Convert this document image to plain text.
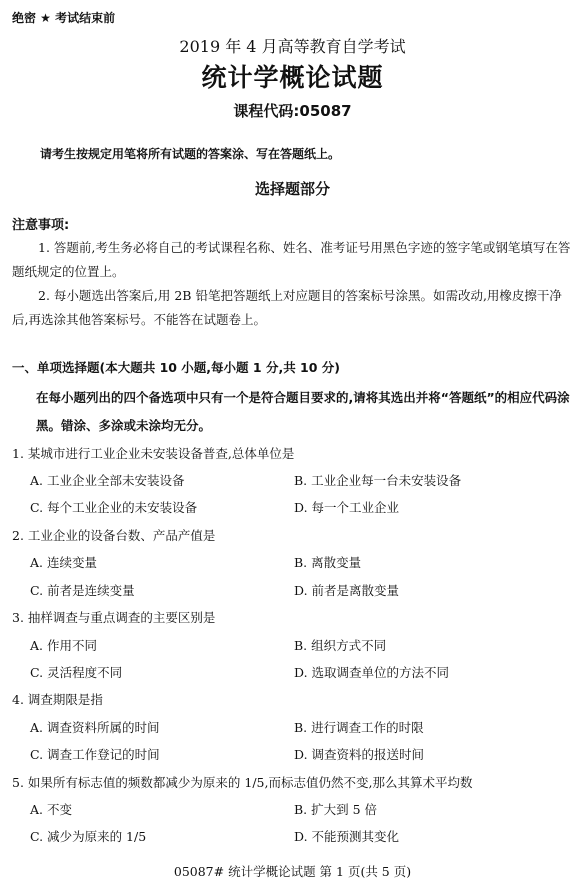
绝密 ★ 考试结束前
2019 年 4 月高等教育自学考试
统计学概论试题
课程代码:05087
请考生按规定用笔将所有试题的答案涂、写在答题纸上。
选择题部分
注意事项:
1. 答题前,考生务必将自己的考试课程名称、姓名、准考证号用黑色字迹的签字笔或钢笔填写在答题纸规定的位置上。
2. 每小题选出答案后,用 2B 铅笔把答题纸上对应题目的答案标号涂黑。如需改动,用橡皮擦干净后,再选涂其他答案标号。不能答在试题卷上。
一、单项选择题(本大题共 10 小题,每小题 1 分,共 10 分)
在每小题列出的四个备选项中只有一个是符合题目要求的,请将其选出并将“答题纸”的相应代码涂黑。错涂、多涂或未涂均无分。
1. 某城市进行工业企业未安装设备普查,总体单位是
A. 工业企业全部未安装设备	B. 工业企业每一台未安装设备
C. 每个工业企业的未安装设备	D. 每一个工业企业
2. 工业企业的设备台数、产品产值是
A. 连续变量	B. 离散变量
C. 前者是连续变量	D. 前者是离散变量
3. 抽样调查与重点调查的主要区别是
A. 作用不同	B. 组织方式不同
C. 灵活程度不同	D. 选取调查单位的方法不同
4. 调查期限是指
A. 调查资料所属的时间	B. 进行调查工作的时限
C. 调查工作登记的时间	D. 调查资料的报送时间
5. 如果所有标志值的频数都减少为原来的 1/5,而标志值仍然不变,那么其算术平均数
A. 不变	B. 扩大到 5 倍
C. 减少为原来的 1/5	D. 不能预测其变化
05087# 统计学概论试题 第 1 页(共 5 页)
